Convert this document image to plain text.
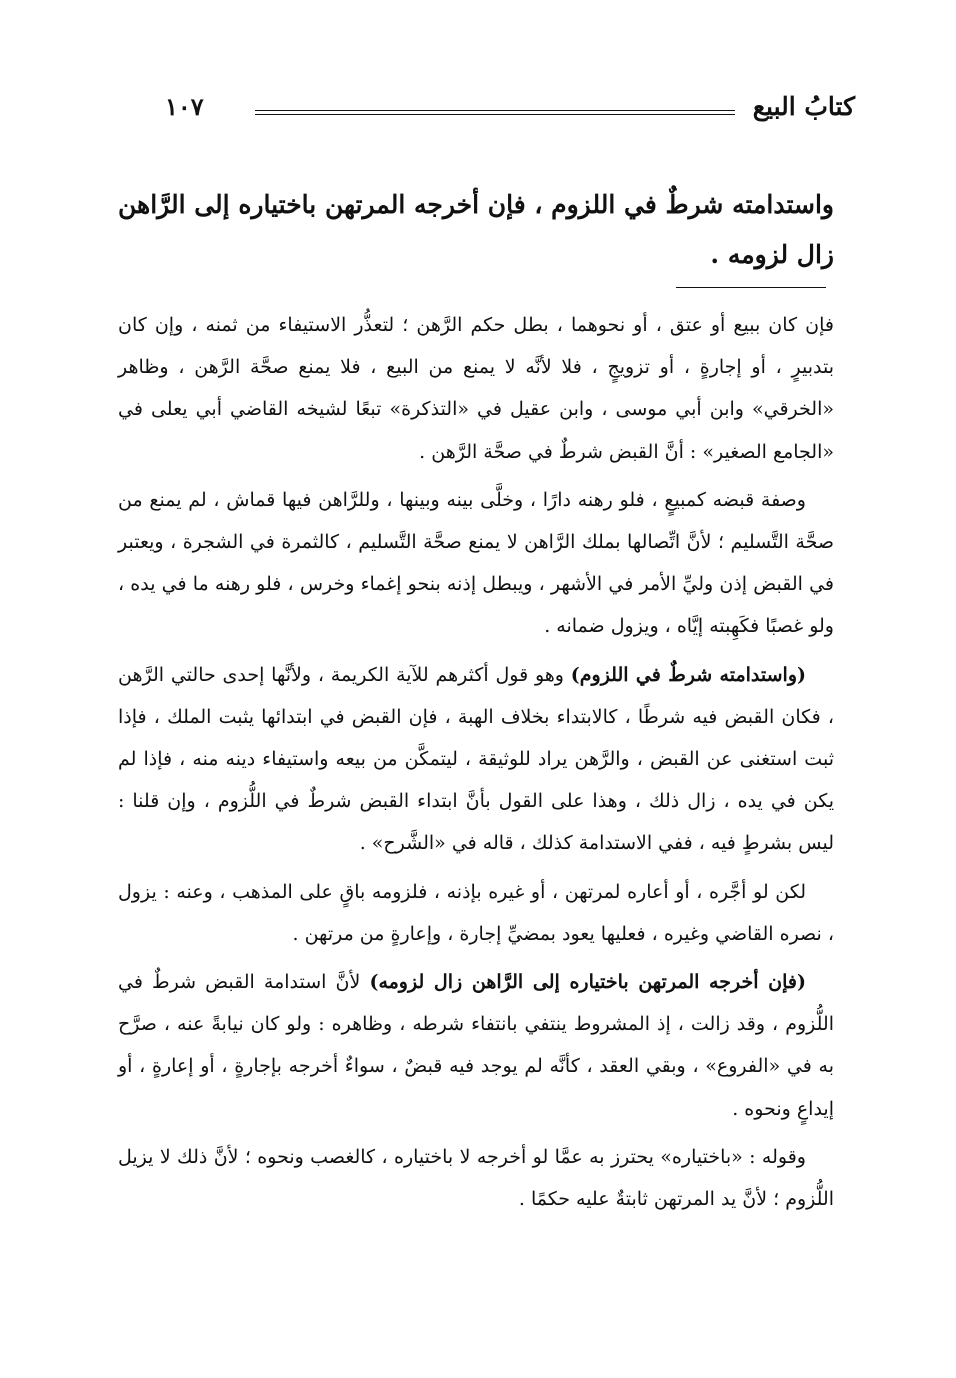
كتابُ البيع
١٠٧
واستدامته شرطٌ في اللزوم ، فإن أخرجه المرتهن باختياره إلى الرَّاهن زال لزومه .

فإن كان ببيع أو عتق ، أو نحوهما ، بطل حكم الرَّهن ؛ لتعذُّر الاستيفاء من ثمنه ، وإن كان بتدبيرٍ ، أو إجارةٍ ، أو تزويجٍ ، فلا لأنَّه لا يمنع من البيع ، فلا يمنع صحَّة الرَّهن ، وظاهر «الخرقي» وابن أبي موسى ، وابن عقيل في «التذكرة» تبعًا لشيخه القاضي أبي يعلى في «الجامع الصغير» : أنَّ القبض شرطٌ في صحَّة الرَّهن .

وصفة قبضه كمبيعٍ ، فلو رهنه دارًا ، وخلَّى بينه وبينها ، وللرَّاهن فيها قماش ، لم يمنع من صحَّة التَّسليم ؛ لأنَّ اتِّصالها بملك الرَّاهن لا يمنع صحَّة التَّسليم ، كالثمرة في الشجرة ، ويعتبر في القبض إذن وليِّ الأمر في الأشهر ، ويبطل إذنه بنحو إغماء وخرس ، فلو رهنه ما في يده ، ولو غصبًا فكَهِبته إيَّاه ، ويزول ضمانه .

(واستدامته شرطٌ في اللزوم) وهو قول أكثرهم للآية الكريمة ، ولأنَّها إحدى حالتي الرَّهن ، فكان القبض فيه شرطًا ، كالابتداء بخلاف الهبة ، فإن القبض في ابتدائها يثبت الملك ، فإذا ثبت استغنى عن القبض ، والرَّهن يراد للوثيقة ، ليتمكَّن من بيعه واستيفاء دينه منه ، فإذا لم يكن في يده ، زال ذلك ، وهذا على القول بأنَّ ابتداء القبض شرطٌ في اللُّزوم ، وإن قلنا : ليس بشرطٍ فيه ، ففي الاستدامة كذلك ، قاله في «الشَّرح» .

لكن لو أجَّره ، أو أعاره لمرتهن ، أو غيره بإذنه ، فلزومه باقٍ على المذهب ، وعنه : يزول ، نصره القاضي وغيره ، فعليها يعود بمضيِّ إجارة ، وإعارةٍ من مرتهن .

(فإن أخرجه المرتهن باختياره إلى الرَّاهن زال لزومه) لأنَّ استدامة القبض شرطٌ في اللُّزوم ، وقد زالت ، إذ المشروط ينتفي بانتفاء شرطه ، وظاهره : ولو كان نيابةً عنه ، صرَّح به في «الفروع» ، وبقي العقد ، كأنَّه لم يوجد فيه قبضٌ ، سواءٌ أخرجه بإجارةٍ ، أو إعارةٍ ، أو إيداعٍ ونحوه .

وقوله : «باختياره» يحترز به عمَّا لو أخرجه لا باختياره ، كالغصب ونحوه ؛ لأنَّ ذلك لا يزيل اللُّزوم ؛ لأنَّ يد المرتهن ثابتةٌ عليه حكمًا .
